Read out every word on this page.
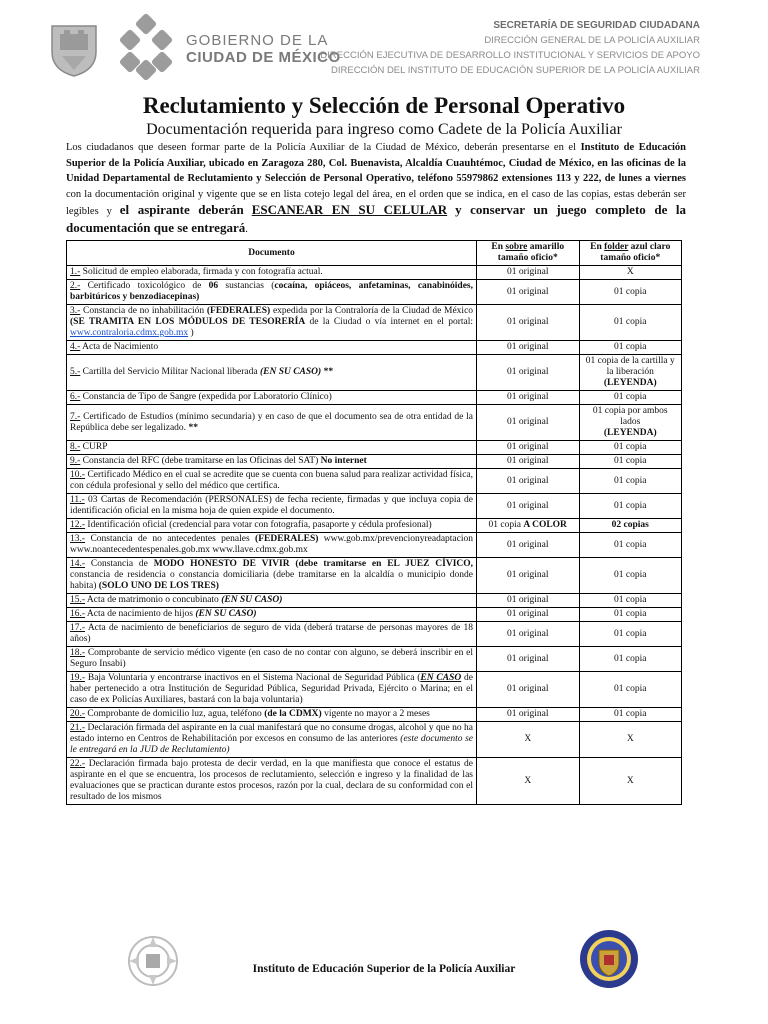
GOBIERNO DE LA
CIUDAD DE MÉXICO
SECRETARÍA DE SEGURIDAD CIUDADANA
DIRECCIÓN GENERAL DE LA POLICÍA AUXILIAR
DIRECCIÓN EJECUTIVA DE DESARROLLO INSTITUCIONAL Y SERVICIOS DE APOYO
DIRECCIÓN DEL INSTITUTO DE EDUCACIÓN SUPERIOR DE LA POLICÍA AUXILIAR
Reclutamiento y Selección de Personal Operativo
Documentación requerida para ingreso como Cadete de la Policía Auxiliar
Los ciudadanos que deseen formar parte de la Policía Auxiliar de la Ciudad de México, deberán presentarse en el Instituto de Educación Superior de la Policía Auxiliar, ubicado en Zaragoza 280, Col. Buenavista, Alcaldía Cuauhtémoc, Ciudad de México, en las oficinas de la Unidad Departamental de Reclutamiento y Selección de Personal Operativo, teléfono 55979862 extensiones 113 y 222, de lunes a viernes con la documentación original y vigente que se en lista cotejo legal del área, en el orden que se indica, en el caso de las copias, estas deberán ser legibles y el aspirante deberán ESCANEAR EN SU CELULAR y conservar un juego completo de la documentación que se entregará.
Documento	En sobre amarillo tamaño oficio*	En folder azul claro tamaño oficio*
1.- Solicitud de empleo elaborada, firmada y con fotografía actual.	01 original	X
2.- Certificado toxicológico de 06 sustancias (cocaína, opiáceos, anfetaminas, canabinóides, barbitúricos y benzodiacepinas)	01 original	01 copia
3.- Constancia de no inhabilitación (FEDERALES) expedida por la Contraloría de la Ciudad de México (SE TRAMITA EN LOS MÓDULOS DE TESORERÍA de la Ciudad o vía internet en el portal: www.contraloria.cdmx.gob.mx )	01 original	01 copia
4.- Acta de Nacimiento	01 original	01 copia
5.- Cartilla del Servicio Militar Nacional liberada (EN SU CASO) **	01 original	01 copia de la cartilla y la liberación
(LEYENDA)
6.- Constancia de Tipo de Sangre (expedida por Laboratorio Clínico)	01 original	01 copia
7.- Certificado de Estudios (mínimo secundaria) y en caso de que el documento sea de otra entidad de la República debe ser legalizado. **	01 original	01 copia por ambos lados
(LEYENDA)
8.- CURP	01 original	01 copia
9.- Constancia del RFC (debe tramitarse en las Oficinas del SAT) No internet	01 original	01 copia
10.- Certificado Médico en el cual se acredite que se cuenta con buena salud para realizar actividad física, con cédula profesional y sello del médico que certifica.	01 original	01 copia
11.- 03 Cartas de Recomendación (PERSONALES) de fecha reciente, firmadas y que incluya copia de identificación oficial en la misma hoja de quien expide el documento.	01 original	01 copia
12.- Identificación oficial (credencial para votar con fotografía, pasaporte y cédula profesional)	01 copia A COLOR	02 copias
13.- Constancia de no antecedentes penales (FEDERALES) www.gob.mx/prevencionyreadaptacion www.noantecedentespenales.gob.mx www.llave.cdmx.gob.mx	01 original	01 copia
14.- Constancia de MODO HONESTO DE VIVIR (debe tramitarse en EL JUEZ CÍVICO, constancia de residencia o constancia domiciliaria (debe tramitarse en la alcaldía o municipio donde habita) (SOLO UNO DE LOS TRES)	01 original	01 copia
15.- Acta de matrimonio o concubinato (EN SU CASO)	01 original	01 copia
16.- Acta de nacimiento de hijos (EN SU CASO)	01 original	01 copia
17.- Acta de nacimiento de beneficiarios de seguro de vida (deberá tratarse de personas mayores de 18 años)	01 original	01 copia
18.- Comprobante de servicio médico vigente (en caso de no contar con alguno, se deberá inscribir en el Seguro Insabi)	01 original	01 copia
19.- Baja Voluntaria y encontrarse inactivos en el Sistema Nacional de Seguridad Pública (EN CASO de haber pertenecido a otra Institución de Seguridad Pública, Seguridad Privada, Ejército o Marina; en el caso de ex Policías Auxiliares, bastará con la baja voluntaria)	01 original	01 copia
20.- Comprobante de domicilio luz, agua, teléfono (de la CDMX) vigente no mayor a 2 meses	01 original	01 copia
21.- Declaración firmada del aspirante en la cual manifestará que no consume drogas, alcohol y que no ha estado interno en Centros de Rehabilitación por excesos en consumo de las anteriores (este documento se le entregará en la JUD de Reclutamiento)	X	X
22.- Declaración firmada bajo protesta de decir verdad, en la que manifiesta que conoce el estatus de aspirante en el que se encuentra, los procesos de reclutamiento, selección e ingreso y la finalidad de las evaluaciones que se practican durante estos procesos, razón por la cual, declara de su conformidad con el resultado de los mismos	X	X
Instituto de Educación Superior de la Policía Auxiliar
